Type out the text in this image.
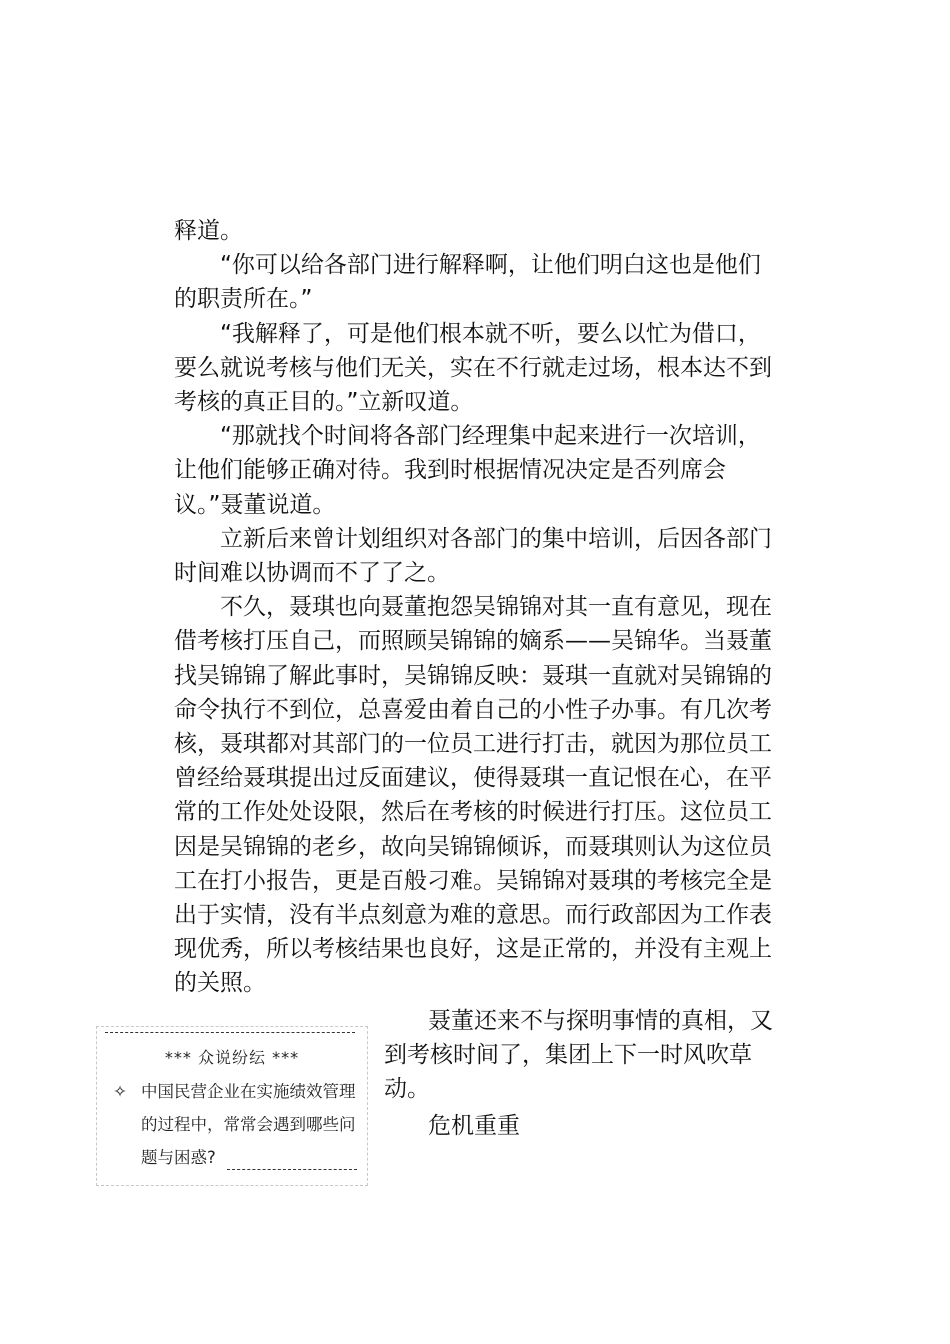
释道。

“你可以给各部门进行解释啊，让他们明白这也是他们的职责所在。”

“我解释了，可是他们根本就不听，要么以忙为借口，要么就说考核与他们无关，实在不行就走过场，根本达不到考核的真正目的。”立新叹道。

“那就找个时间将各部门经理集中起来进行一次培训，让他们能够正确对待。我到时根据情况决定是否列席会议。”聂董说道。

立新后来曾计划组织对各部门的集中培训，后因各部门时间难以协调而不了了之。

不久，聂琪也向聂董抱怨吴锦锦对其一直有意见，现在借考核打压自己，而照顾吴锦锦的嫡系——吴锦华。当聂董找吴锦锦了解此事时，吴锦锦反映：聂琪一直就对吴锦锦的命令执行不到位，总喜爱由着自己的小性子办事。有几次考核，聂琪都对其部门的一位员工进行打击，就因为那位员工曾经给聂琪提出过反面建议，使得聂琪一直记恨在心，在平常的工作处处设限，然后在考核的时候进行打压。这位员工因是吴锦锦的老乡，故向吴锦锦倾诉，而聂琪则认为这位员工在打小报告，更是百般刁难。吴锦锦对聂琪的考核完全是出于实情，没有半点刻意为难的意思。而行政部因为工作表现优秀，所以考核结果也良好，这是正常的，并没有主观上的关照。

聂董还来不与探明事情的真相，又

到考核时间了，集团上下一时风吹草动。

危机重重

*** 众说纷纭 ***

✧ 中国民营企业在实施绩效管理的过程中，常常会遇到哪些问题与困惑?
